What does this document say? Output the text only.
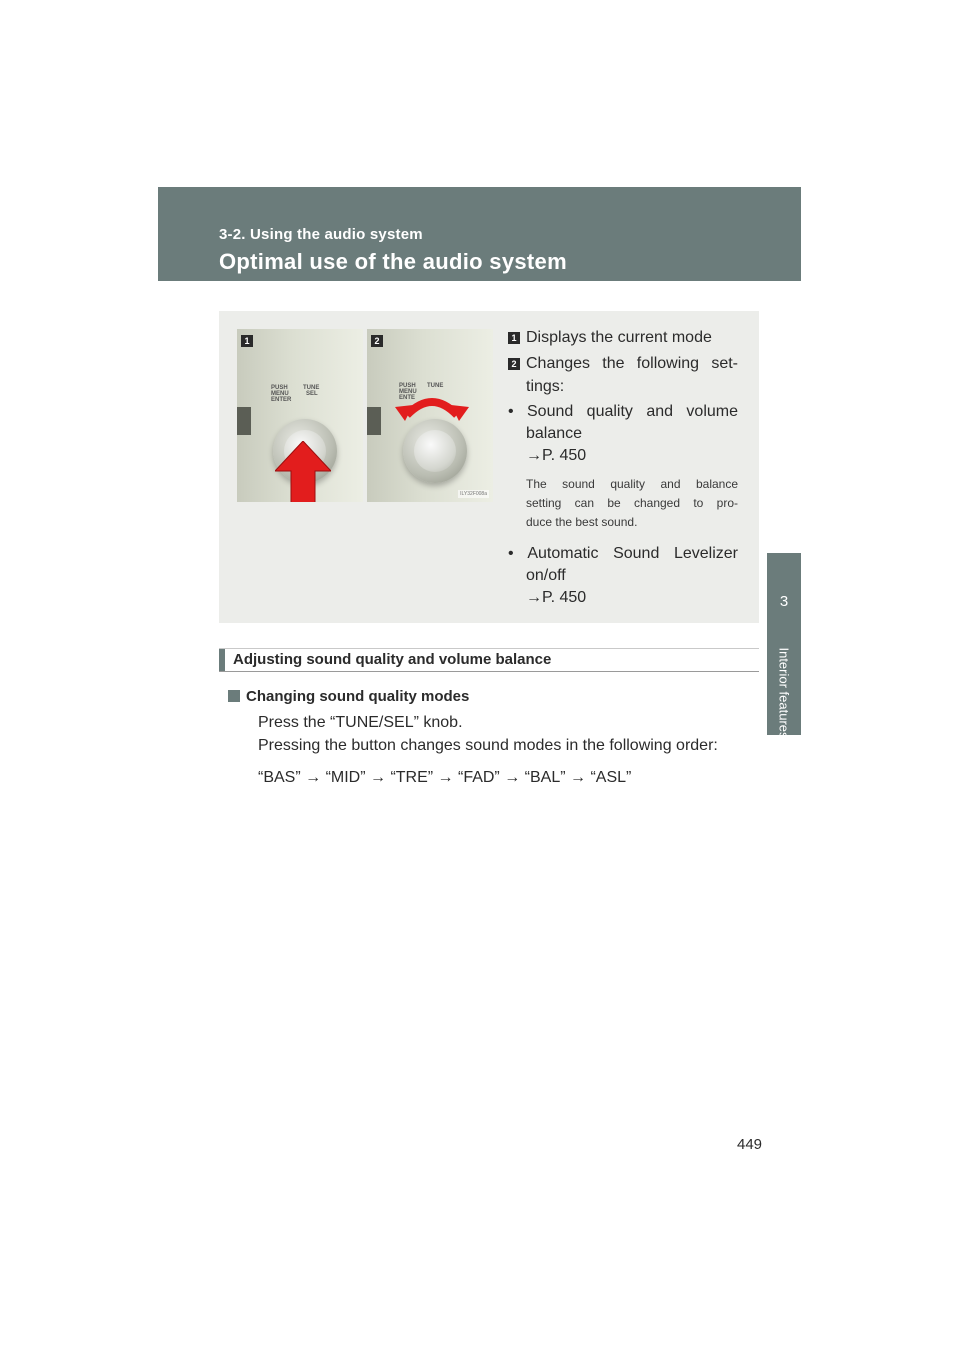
3-2. Using the audio system
Optimal use of the audio system
3
Interior features
1
PUSH
MENU
ENTER
TUNE
SEL
2
PUSH
MENU
ENTE
TUNE
ILY32F008a
1 Displays the current mode
2 Changes the following set-
tings:
• Sound quality and volume
balance
→P. 450
The sound quality and balance
setting can be changed to pro-
duce the best sound.
• Automatic Sound Levelizer
on/off
→P. 450
Adjusting sound quality and volume balance
Changing sound quality modes
Press the “TUNE/SEL” knob.
Pressing the button changes sound modes in the following order:
“BAS” → “MID” → “TRE” → “FAD” → “BAL” → “ASL”
449
